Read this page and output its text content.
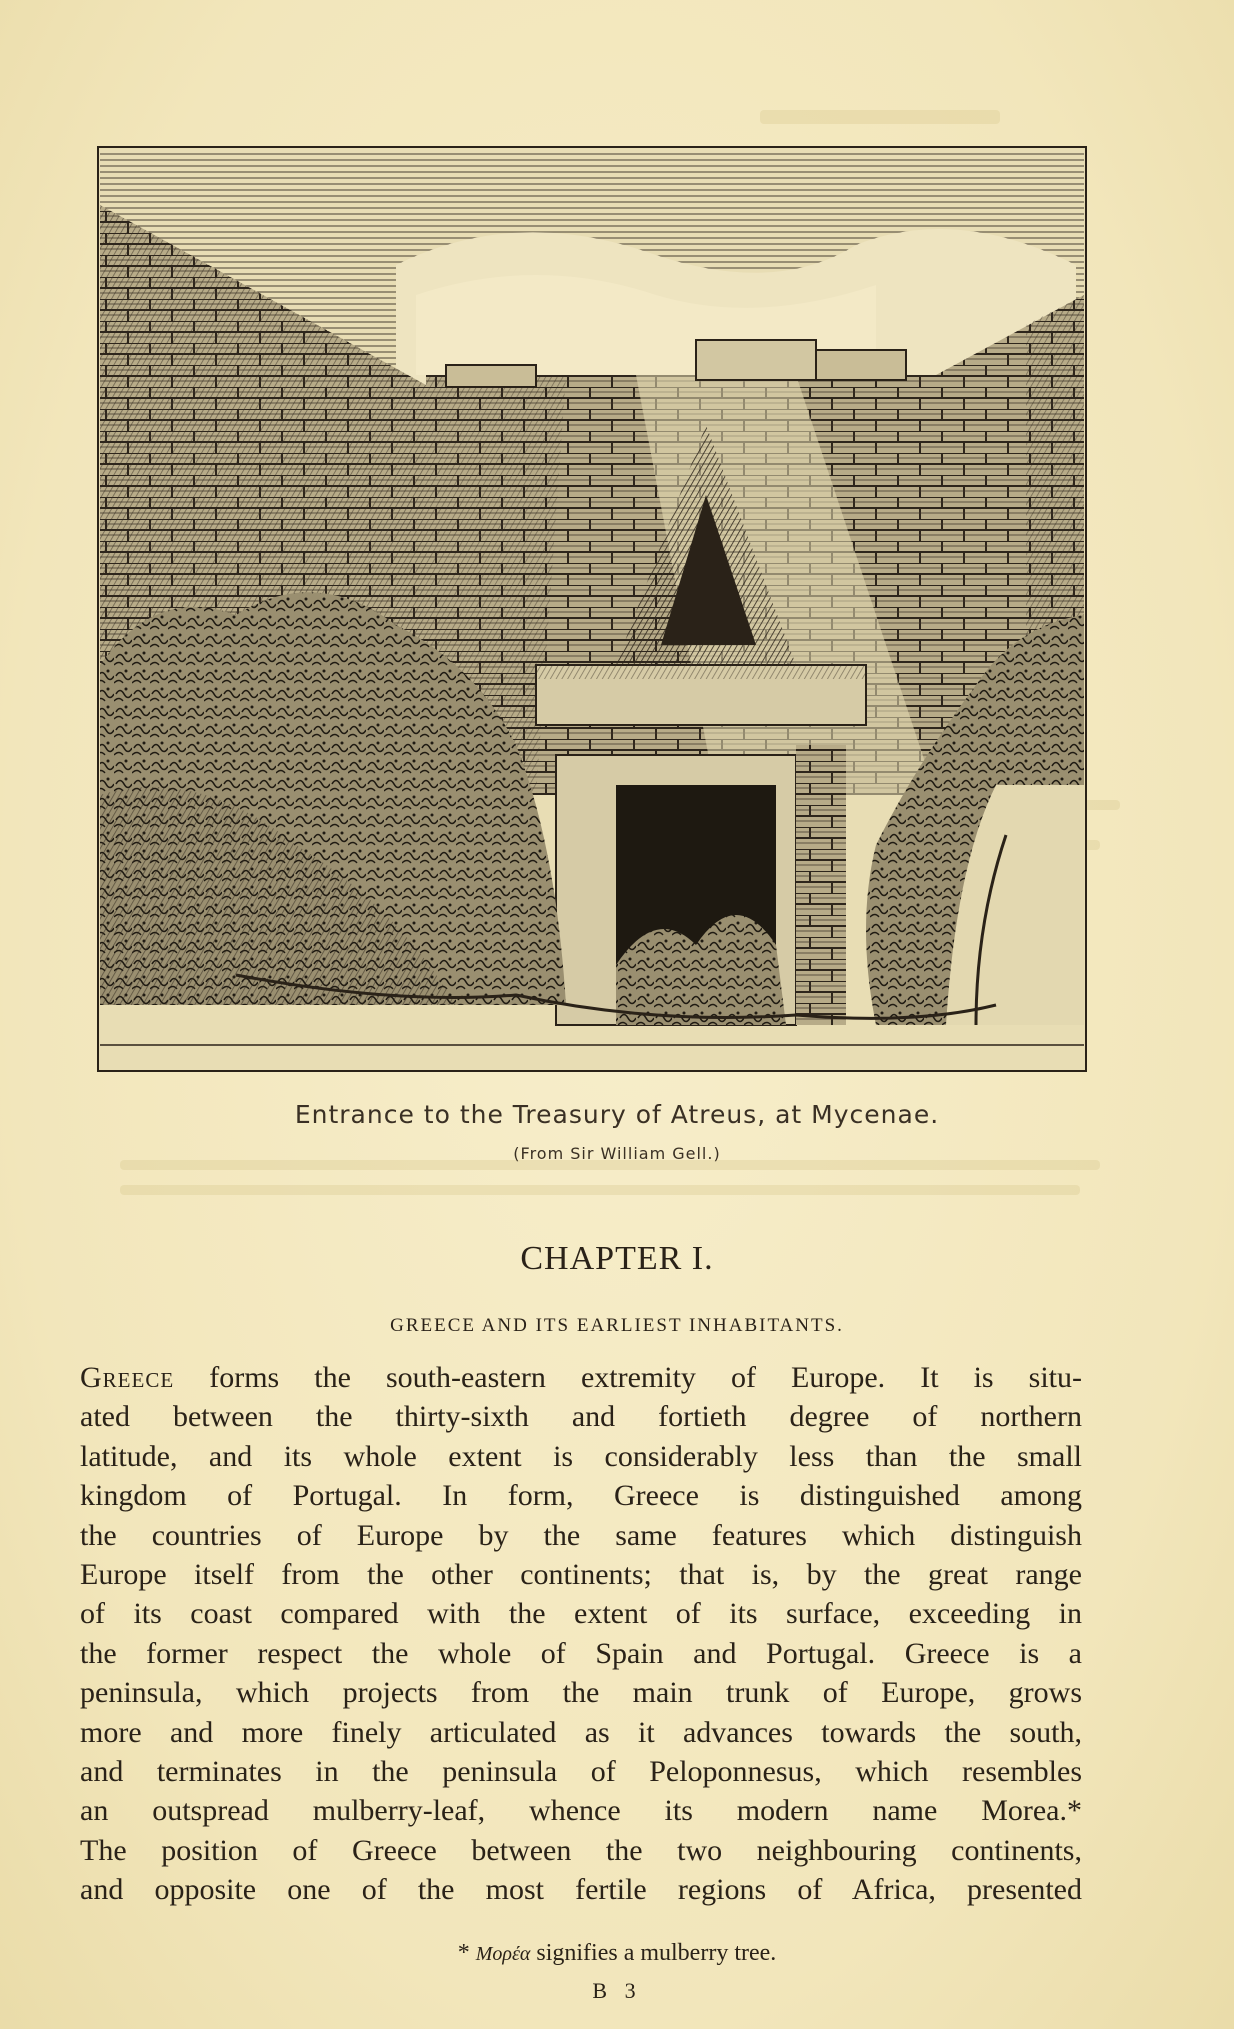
Entrance to the Treasury of Atreus, at Mycenae.
(From Sir William Gell.)
CHAPTER I.
GREECE AND ITS EARLIEST INHABITANTS.
Greece forms the south-eastern extremity of Europe. It is situ-
ated between the thirty-sixth and fortieth degree of northern
latitude, and its whole extent is considerably less than the small
kingdom of Portugal. In form, Greece is distinguished among
the countries of Europe by the same features which distinguish
Europe itself from the other continents; that is, by the great range
of its coast compared with the extent of its surface, exceeding in
the former respect the whole of Spain and Portugal. Greece is a
peninsula, which projects from the main trunk of Europe, grows
more and more finely articulated as it advances towards the south,
and terminates in the peninsula of Peloponnesus, which resembles
an outspread mulberry-leaf, whence its modern name Morea.*
The position of Greece between the two neighbouring continents,
and opposite one of the most fertile regions of Africa, presented
* Μορέα signifies a mulberry tree.
B 3
